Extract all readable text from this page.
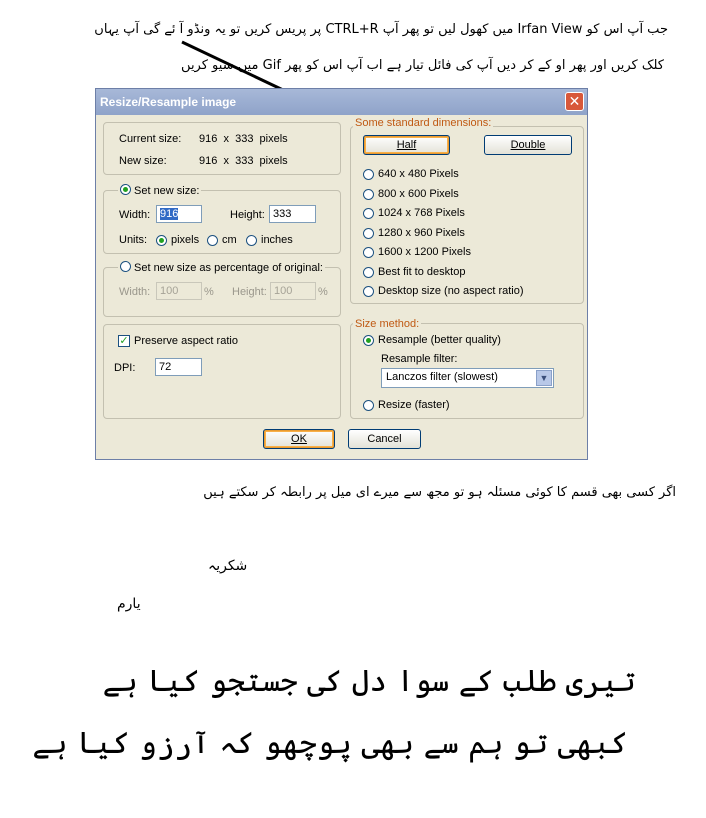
جب آپ اس کو Irfan View میں کھول لیں تو پھر آپ CTRL+R پر پریس کریں تو یہ ونڈو آ ئے گی آپ یہاں
کلک کریں اور پھر او کے کر دیں آپ کی فائل تیار ہے اب آپ اس کو پھر Gif میں سیو کریں
Resize/Resample image	✕
Current size: 916  x  333  pixels
New size:	916  x  333  pixels
Set new size:
Width: 916	Height: 333
Units: pixels cm inches
Set new size as percentage of original:
Width: 100	% Height: 100	%
✓ Preserve aspect ratio
DPI:	72
Some standard dimensions:
Half	Double
640 x 480 Pixels
800 x 600 Pixels
1024 x 768 Pixels
1280 x 960 Pixels
1600 x 1200 Pixels
Best fit to desktop
Desktop size (no aspect ratio)
Size method:
Resample (better quality)
Resample filter:
Lanczos filter (slowest)	▼
Resize (faster)
OK	Cancel
اگر کسی بھی قسم کا کوئی مسئلہ ہو تو مجھ سے میرے ای میل پر رابطہ کر سکتے ہیں
شکریہ
یارم
تیری طلب کے سوا دل کی جستجو کیا ہے
کبھی تو ہم سے بھی پوچھو کہ آرزو کیا ہے
